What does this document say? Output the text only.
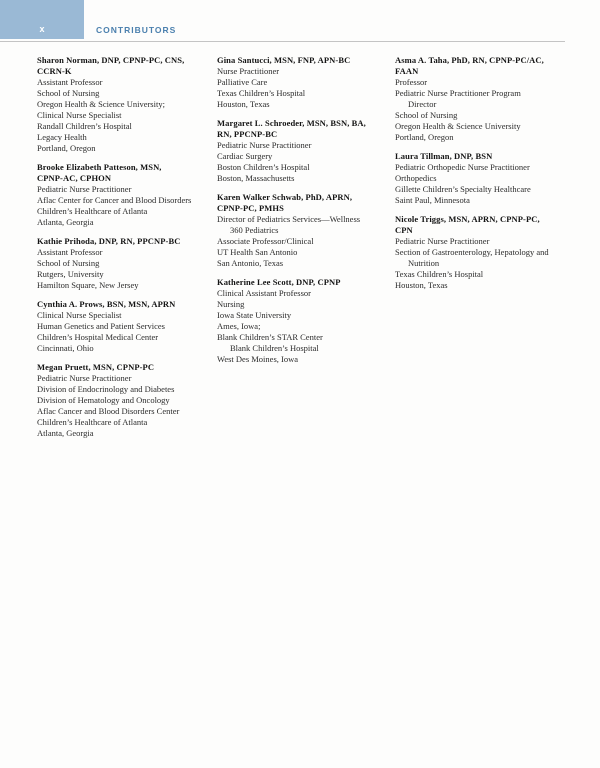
x	CONTRIBUTORS

Sharon Norman, DNP, CPNP-PC, CNS,

CCRN-K

Assistant Professor

School of Nursing

Oregon Health & Science University;

Clinical Nurse Specialist

Randall Children’s Hospital

Legacy Health

Portland, Oregon

Brooke Elizabeth Patteson, MSN,

CPNP-AC, CPHON

Pediatric Nurse Practitioner

Aflac Center for Cancer and Blood Disorders

Children’s Healthcare of Atlanta

Atlanta, Georgia

Kathie Prihoda, DNP, RN, PPCNP-BC

Assistant Professor

School of Nursing

Rutgers, University

Hamilton Square, New Jersey

Cynthia A. Prows, BSN, MSN, APRN

Clinical Nurse Specialist

Human Genetics and Patient Services

Children’s Hospital Medical Center

Cincinnati, Ohio

Megan Pruett, MSN, CPNP-PC

Pediatric Nurse Practitioner

Division of Endocrinology and Diabetes

Division of Hematology and Oncology

Aflac Cancer and Blood Disorders Center

Children’s Healthcare of Atlanta

Atlanta, Georgia

Gina Santucci, MSN, FNP, APN-BC

Nurse Practitioner

Palliative Care

Texas Children’s Hospital

Houston, Texas

Margaret L. Schroeder, MSN, BSN, BA,

RN, PPCNP-BC

Pediatric Nurse Practitioner

Cardiac Surgery

Boston Children’s Hospital

Boston, Massachusetts

Karen Walker Schwab, PhD, APRN,

CPNP-PC, PMHS

Director of Pediatrics Services—Wellness

360 Pediatrics

Associate Professor/Clinical

UT Health San Antonio

San Antonio, Texas

Katherine Lee Scott, DNP, CPNP

Clinical Assistant Professor

Nursing

Iowa State University

Ames, Iowa;

Blank Children’s STAR Center

Blank Children’s Hospital

West Des Moines, Iowa

Asma A. Taha, PhD, RN, CPNP-PC/AC,

FAAN

Professor

Pediatric Nurse Practitioner Program

Director

School of Nursing

Oregon Health & Science University

Portland, Oregon

Laura Tillman, DNP, BSN

Pediatric Orthopedic Nurse Practitioner

Orthopedics

Gillette Children’s Specialty Healthcare

Saint Paul, Minnesota

Nicole Triggs, MSN, APRN, CPNP-PC,

CPN

Pediatric Nurse Practitioner

Section of Gastroenterology, Hepatology and

Nutrition

Texas Children’s Hospital

Houston, Texas
